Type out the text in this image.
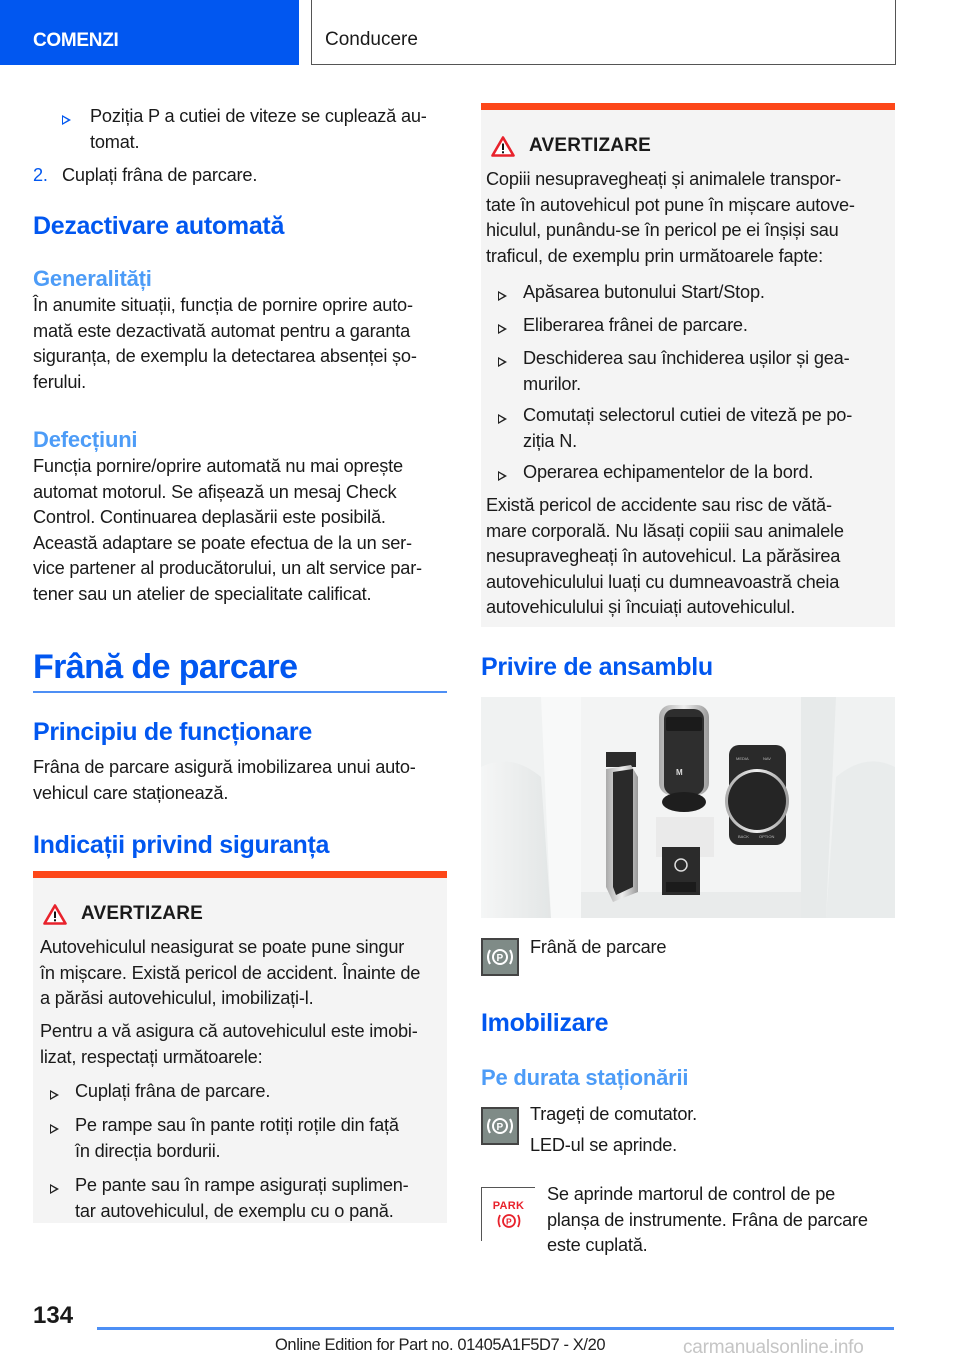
COMENZI	Conducere
Poziția P a cutiei de viteze se cuplează au-
tomat.
2. Cuplați frâna de parcare.
Dezactivare automată
Generalități
În anumite situații, funcția de pornire oprire auto-
mată este dezactivată automat pentru a garanta
siguranța, de exemplu la detectarea absenței șo-
ferului.
Defecțiuni
Funcția pornire/oprire automată nu mai oprește
automat motorul. Se afișează un mesaj Check
Control. Continuarea deplasării este posibilă.
Această adaptare se poate efectua de la un ser-
vice partener al producătorului, un alt service par-
tener sau un atelier de specialitate calificat.
Frână de parcare
Principiu de funcționare
Frâna de parcare asigură imobilizarea unui auto-
vehicul care staționează.
Indicații privind siguranța
AVERTIZARE
Autovehiculul neasigurat se poate pune singur
în mișcare. Există pericol de accident. Înainte de
a părăsi autovehiculul, imobilizați-l.
Pentru a vă asigura că autovehiculul este imobi-
lizat, respectați următoarele:
Cuplați frâna de parcare.
Pe rampe sau în pante rotiți roțile din față
în direcția bordurii.
Pe pante sau în rampe asigurați suplimen-
tar autovehiculul, de exemplu cu o pană.
AVERTIZARE
Copiii nesupravegheați și animalele transpor-
tate în autovehicul pot pune în mișcare autove-
hiculul, punându-se în pericol pe ei înșiși sau
traficul, de exemplu prin următoarele fapte:
Apăsarea butonului Start/Stop.
Eliberarea frânei de parcare.
Deschiderea sau închiderea ușilor și gea-
murilor.
Comutați selectorul cutiei de viteză pe po-
ziția N.
Operarea echipamentelor de la bord.
Există pericol de accidente sau risc de vătă-
mare corporală. Nu lăsați copiii sau animalele
nesupravegheați în autovehicul. La părăsirea
autovehiculului luați cu dumneavoastră cheia
autovehiculului și încuiați autovehiculul.
Privire de ansamblu
M
MEDIA	NAV
BACK	OPTION
P
Frână de parcare
Imobilizare
Pe durata staționării
P
Trageți de comutator.
LED-ul se aprinde.
PARK
P
Se aprinde martorul de control de pe
planșa de instrumente. Frâna de parcare
este cuplată.
134
Online Edition for Part no. 01405A1F5D7 - X/20	carmanualsonline.info
